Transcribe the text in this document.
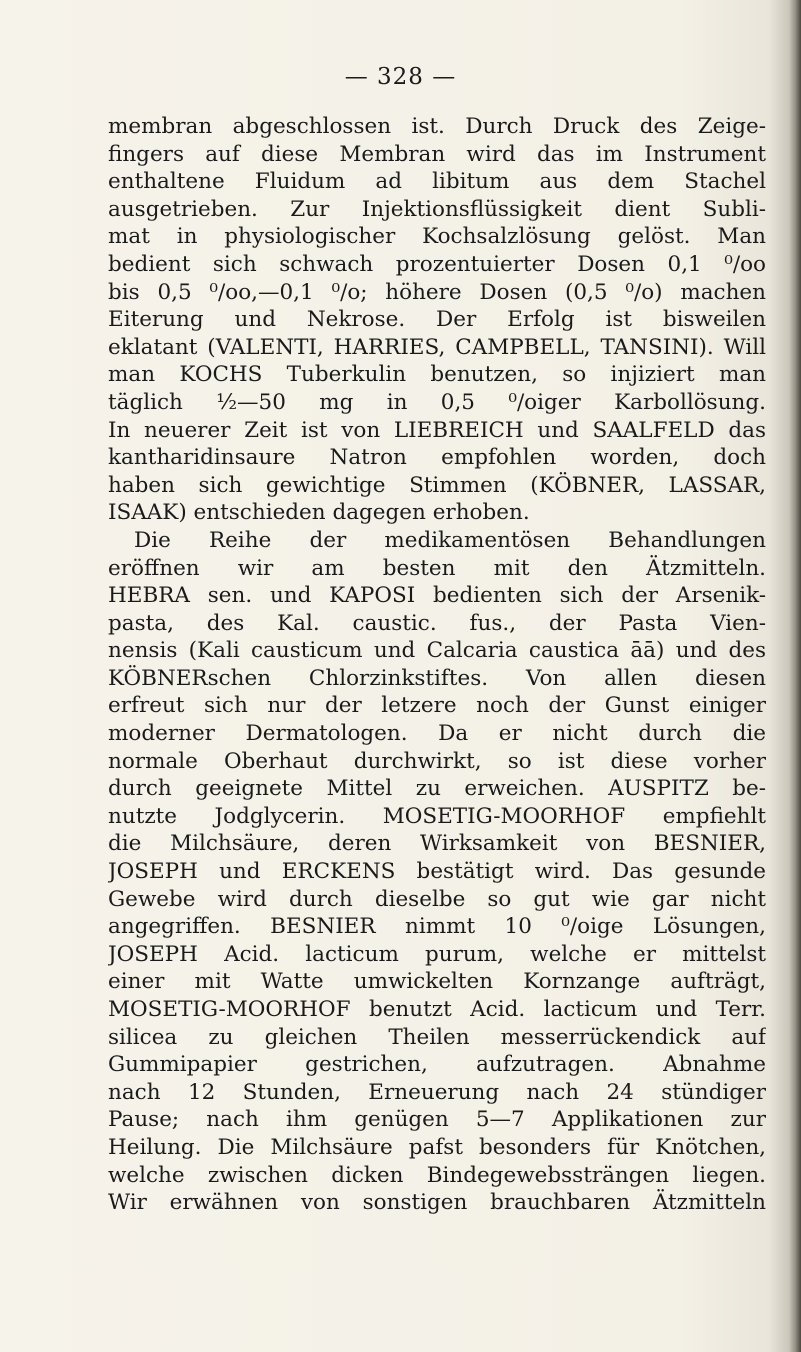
— 328 —
membran abgeschlossen ist. Durch Druck des Zeige-
fingers auf diese Membran wird das im Instrument
enthaltene Fluidum ad libitum aus dem Stachel
ausgetrieben. Zur Injektionsflüssigkeit dient Subli-
mat in physiologischer Kochsalzlösung gelöst. Man
bedient sich schwach prozentuierter Dosen 0,1 ⁰/oo
bis 0,5 ⁰/oo,—0,1 ⁰/o; höhere Dosen (0,5 ⁰/o) machen
Eiterung und Nekrose. Der Erfolg ist bisweilen
eklatant (VALENTI, HARRIES, CAMPBELL, TANSINI). Will
man KOCHS Tuberkulin benutzen, so injiziert man
täglich ½—50 mg in 0,5 ⁰/oiger Karbollösung.
In neuerer Zeit ist von LIEBREICH und SAALFELD das
kantharidinsaure Natron empfohlen worden, doch
haben sich gewichtige Stimmen (KÖBNER, LASSAR,
ISAAK) entschieden dagegen erhoben.
Die Reihe der medikamentösen Behandlungen
eröffnen wir am besten mit den Ätzmitteln.
HEBRA sen. und KAPOSI bedienten sich der Arsenik-
pasta, des Kal. caustic. fus., der Pasta Vien-
nensis (Kali causticum und Calcaria caustica āā) und des
KÖBNERschen Chlorzinkstiftes. Von allen diesen
erfreut sich nur der letzere noch der Gunst einiger
moderner Dermatologen. Da er nicht durch die
normale Oberhaut durchwirkt, so ist diese vorher
durch geeignete Mittel zu erweichen. AUSPITZ be-
nutzte Jodglycerin. MOSETIG-MOORHOF empfiehlt
die Milchsäure, deren Wirksamkeit von BESNIER,
JOSEPH und ERCKENS bestätigt wird. Das gesunde
Gewebe wird durch dieselbe so gut wie gar nicht
angegriffen. BESNIER nimmt 10 ⁰/oige Lösungen,
JOSEPH Acid. lacticum purum, welche er mittelst
einer mit Watte umwickelten Kornzange aufträgt,
MOSETIG-MOORHOF benutzt Acid. lacticum und Terr.
silicea zu gleichen Theilen messerrückendick auf
Gummipapier gestrichen, aufzutragen. Abnahme
nach 12 Stunden, Erneuerung nach 24 stündiger
Pause; nach ihm genügen 5—7 Applikationen zur
Heilung. Die Milchsäure pafst besonders für Knötchen,
welche zwischen dicken Bindegewebssträngen liegen.
Wir erwähnen von sonstigen brauchbaren Ätzmitteln
